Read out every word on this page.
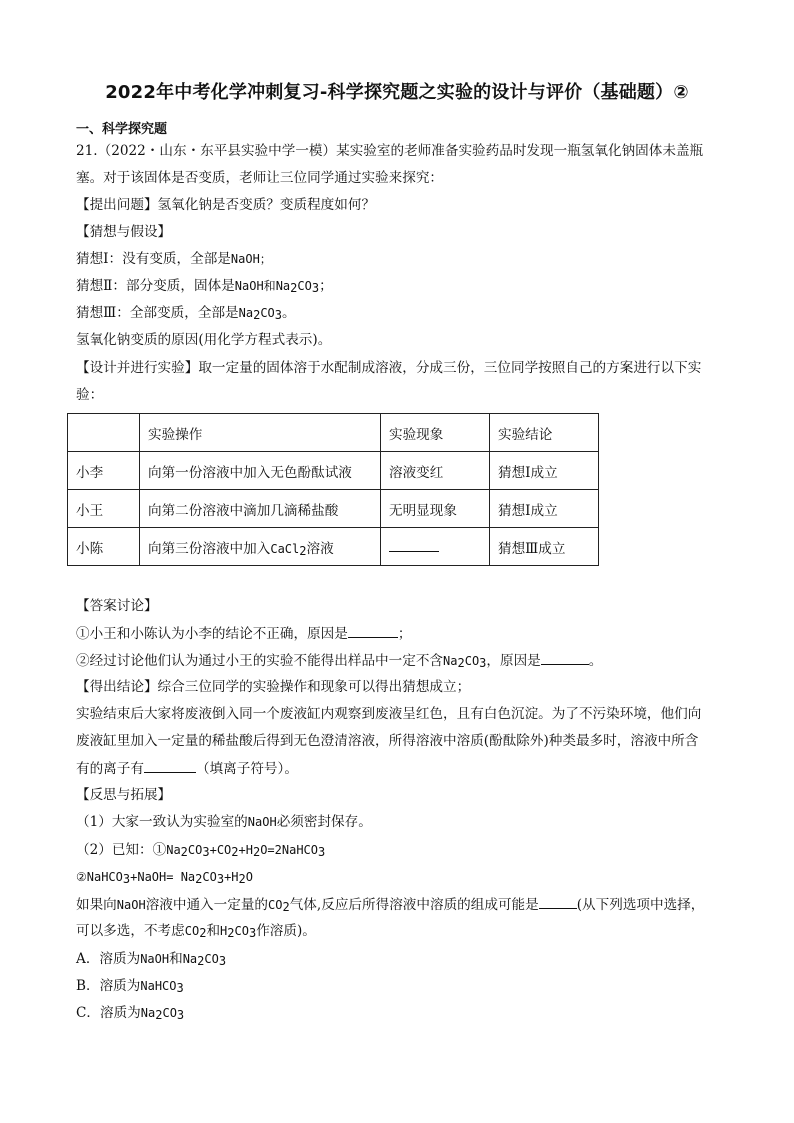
2022年中考化学冲刺复习-科学探究题之实验的设计与评价（基础题）②
一、科学探究题
21.（2022・山东・东平县实验中学一模）某实验室的老师准备实验药品时发现一瓶氢氧化钠固体未盖瓶
塞。对于该固体是否变质，老师让三位同学通过实验来探究：
【提出问题】氢氧化钠是否变质？变质程度如何？
【猜想与假设】
猜想Ⅰ：没有变质，全部是NaOH；
猜想Ⅱ：部分变质，固体是NaOH和$Na_2CO_3$；
猜想Ⅲ：全部变质，全部是$Na_2CO_3$。
氢氧化钠变质的原因(用化学方程式表示)。
【设计并进行实验】取一定量的固体溶于水配制成溶液，分成三份，三位同学按照自己的方案进行以下实
验：
	实验操作	实验现象	实验结论
小李	向第一份溶液中加入无色酚酞试液	溶液变红	猜想Ⅰ成立
小王	向第二份溶液中滴加几滴稀盐酸	无明显现象	猜想Ⅰ成立
小陈	向第三份溶液中加入CaCl$_2$溶液		猜想Ⅲ成立
【答案讨论】
①小王和小陈认为小李的结论不正确，原因是	；
②经过讨论他们认为通过小王的实验不能得出样品中一定不含$Na_2CO_3$，原因是	。
【得出结论】综合三位同学的实验操作和现象可以得出猜想成立；
实验结束后大家将废液倒入同一个废液缸内观察到废液呈红色，且有白色沉淀。为了不污染环境，他们向
废液缸里加入一定量的稀盐酸后得到无色澄清溶液，所得溶液中溶质(酚酞除外)种类最多时，溶液中所含
有的离子有	（填离子符号）。
【反思与拓展】
（1）大家一致认为实验室的NaOH必须密封保存。
（2）已知：$①Na_2CO_3+CO_2+H_2O=2NaHCO_3$
②NaHCO$_3$+NaOH= $Na_2CO_3+H_2O$
如果向NaOH溶液中通入一定量的$CO_2$气体,反应后所得溶液中溶质的组成可能是	(从下列选项中选择，
可以多选，不考虑$CO_2$和$H_2CO_3$作溶质)。
A．溶质为NaOH和$Na_2CO_3$
B．溶质为NaHCO$_3$
C．溶质为$Na_2CO_3$
